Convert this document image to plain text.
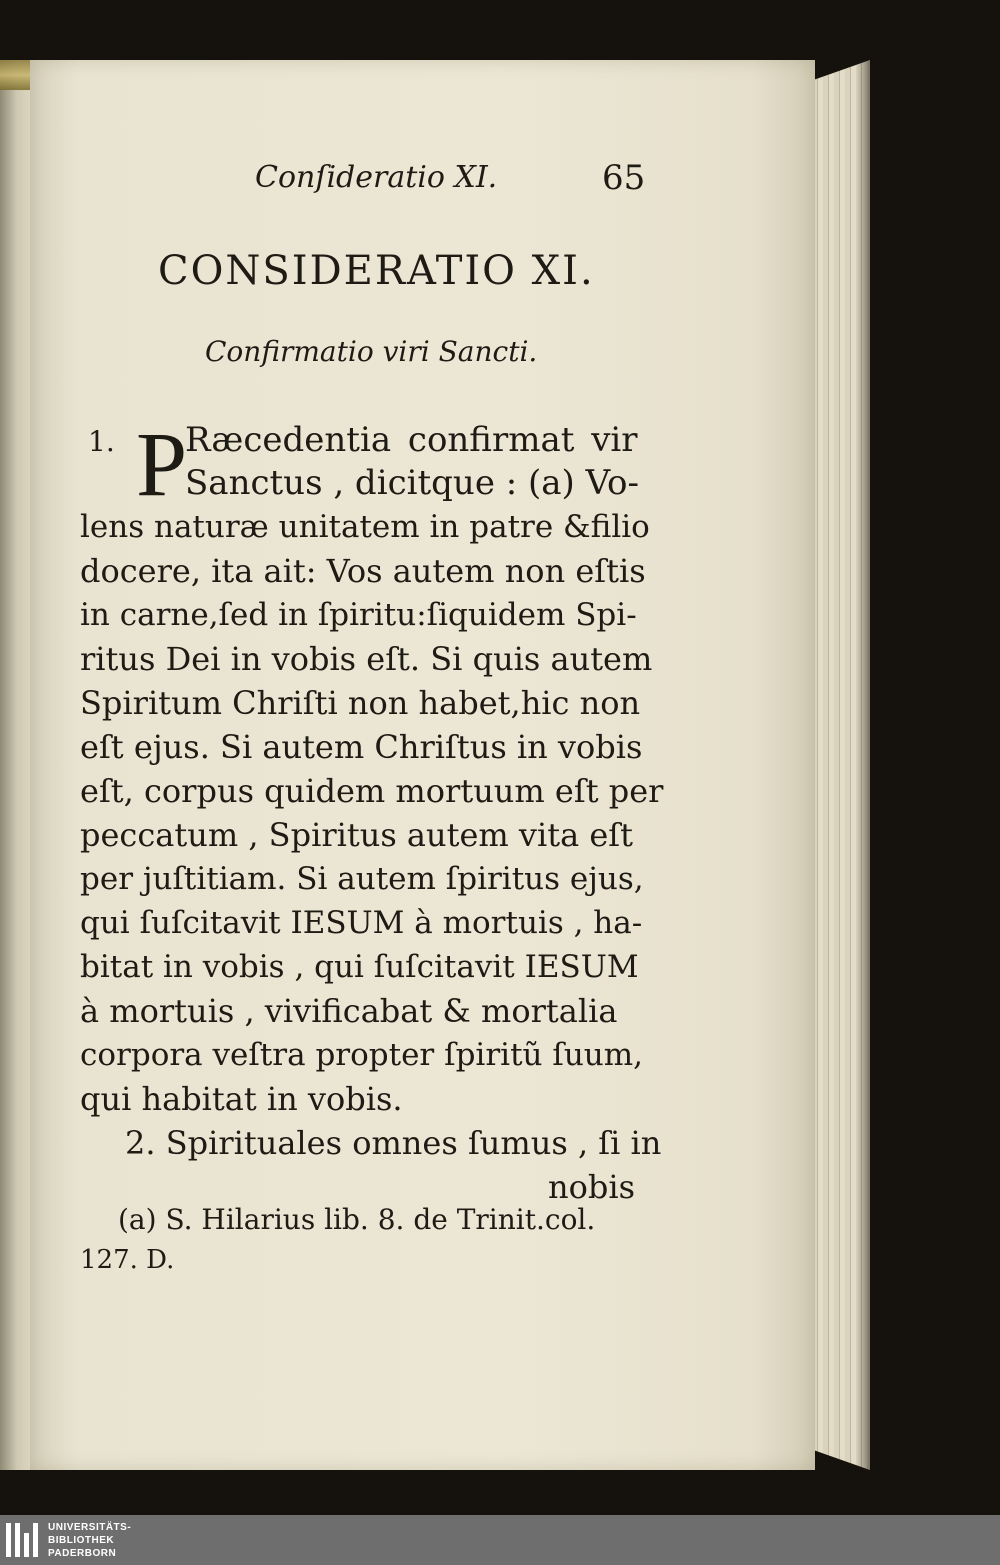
Conſideratio XI.	65
CONSIDERATIO XI.
Confirmatio viri Sancti.
1. P
Ræcedentia confirmat vir
Sanctus , dicitque : (a) Vo-
lens naturæ unitatem in patre &filio
docere, ita ait: Vos autem non eſtis
in carne,ſed in ſpiritu:ſiquidem Spi-
ritus Dei in vobis eſt. Si quis autem
Spiritum Chriſti non habet,hic non
eſt ejus. Si autem Chriſtus in vobis
eſt, corpus quidem mortuum eſt per
peccatum , Spiritus autem vita eſt
per juſtitiam. Si autem ſpiritus ejus,
qui ſuſcitavit IESUM à mortuis , ha-
bitat in vobis , qui ſuſcitavit IESUM
à mortuis , vivificabat & mortalia
corpora veſtra propter ſpiritũ ſuum,
qui habitat in vobis.
2. Spirituales omnes ſumus , ſi in
nobis
(a) S. Hilarius lib. 8. de Trinit.col.
127. D.
UNIVERSITÄTS-
BIBLIOTHEK
PADERBORN
